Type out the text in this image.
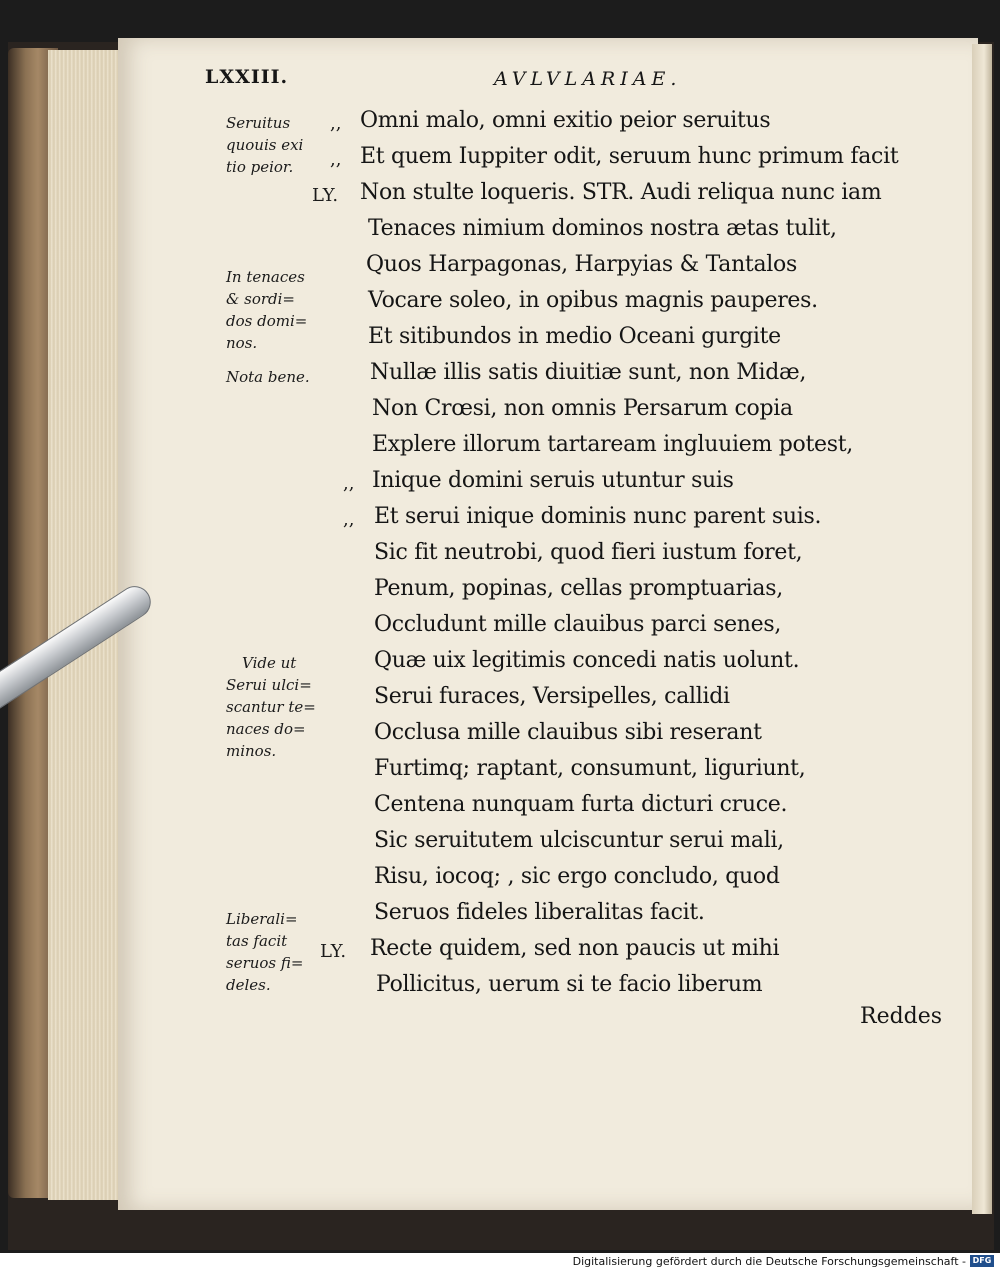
LXXIII.	AVLVLARIAE.
,, Omni malo, omni exitio peior seruitus
,, Et quem Iuppiter odit, seruum hunc primum facit
LY. Non stulte loqueris. STR. Audi reliqua nunc iam
Tenaces nimium dominos nostra ætas tulit,
Quos Harpagonas, Harpyias & Tantalos
Vocare soleo, in opibus magnis pauperes.
Et sitibundos in medio Oceani gurgite
Nullæ illis satis diuitiæ sunt, non Midæ,
Non Crœsi, non omnis Persarum copia
Explere illorum tartaream ingluuiem potest,
,, Inique domini seruis utuntur suis
,, Et serui inique dominis nunc parent suis.
Sic fit neutrobi, quod fieri iustum foret,
Penum, popinas, cellas promptuarias,
Occludunt mille clauibus parci senes,
Quæ uix legitimis concedi natis uolunt.
Serui furaces, Versipelles, callidi
Occlusa mille clauibus sibi reserant
Furtimq; raptant, consumunt, liguriunt,
Centena nunquam furta dicturi cruce.
Sic seruitutem ulciscuntur serui mali,
Risu, iocoq; , sic ergo concludo, quod
Seruos fideles liberalitas facit.
LY. Recte quidem, sed non paucis ut mihi
Pollicitus, uerum si te facio liberum
Seruitus
quouis exi
tio peior.
In tenaces
& sordi=
dos domi=
nos.
Nota bene.
Vide ut
Serui ulci=
scantur te=
naces do=
minos.
Liberali=
tas facit
seruos fi=
deles.
Reddes
Digitalisierung gefördert durch die Deutsche Forschungsgemeinschaft - DFG
